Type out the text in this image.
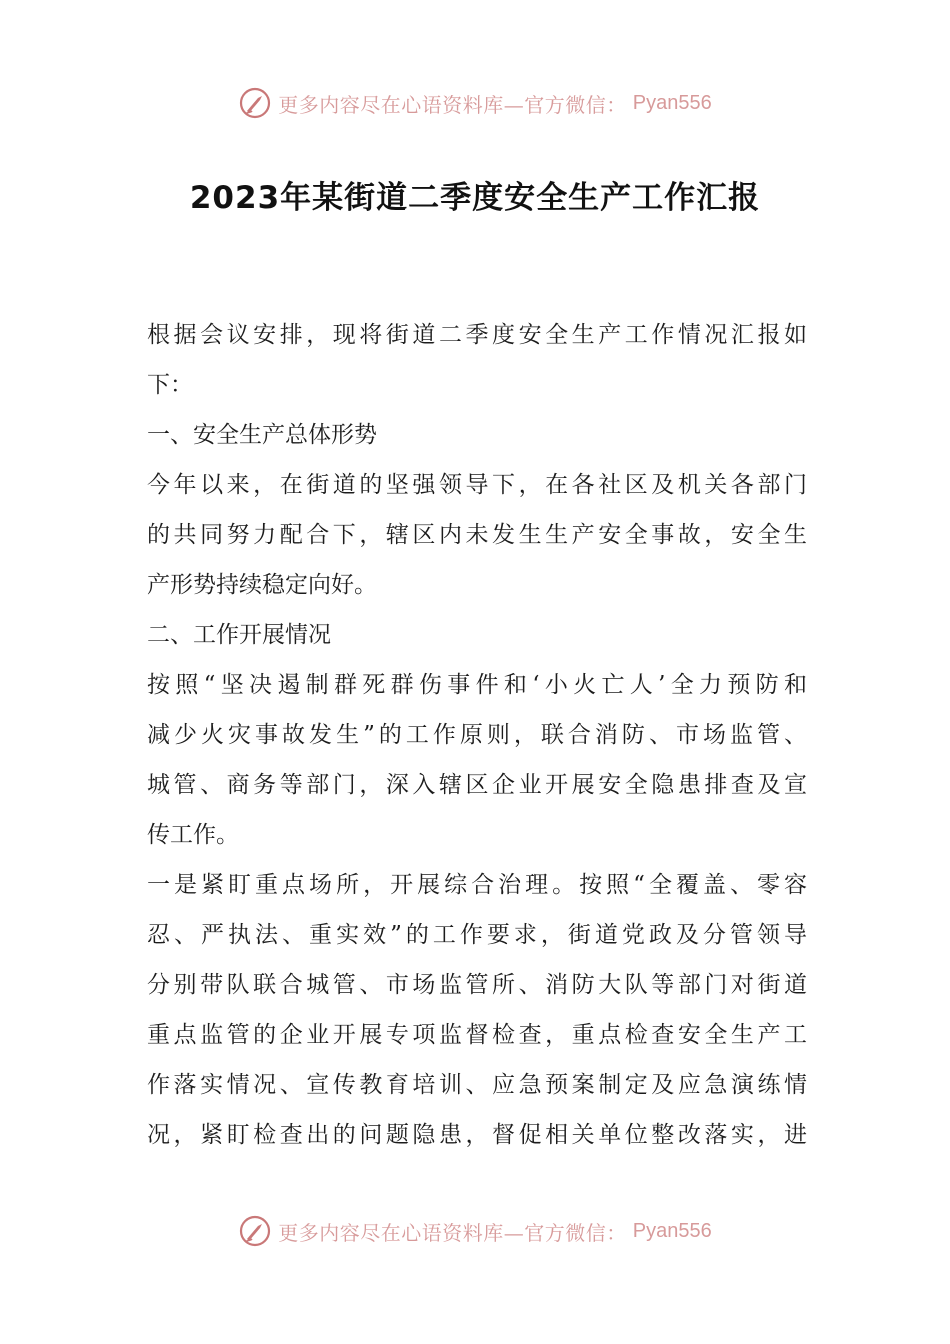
更多内容尽在心语资料库—官方微信： Pyan556
2023年某街道二季度安全生产工作汇报
根据会议安排，现将街道二季度安全生产工作情况汇报如
下：
一、安全生产总体形势
今年以来，在街道的坚强领导下，在各社区及机关各部门
的共同努力配合下，辖区内未发生生产安全事故，安全生
产形势持续稳定向好。
二、工作开展情况
按照“坚决遏制群死群伤事件和‘小火亡人’全力预防和
减少火灾事故发生”的工作原则，联合消防、市场监管、
城管、商务等部门，深入辖区企业开展安全隐患排查及宣
传工作。
一是紧盯重点场所，开展综合治理。按照“全覆盖、零容
忍、严执法、重实效”的工作要求，街道党政及分管领导
分别带队联合城管、市场监管所、消防大队等部门对街道
重点监管的企业开展专项监督检查，重点检查安全生产工
作落实情况、宣传教育培训、应急预案制定及应急演练情
况，紧盯检查出的问题隐患，督促相关单位整改落实，进
更多内容尽在心语资料库—官方微信： Pyan556
